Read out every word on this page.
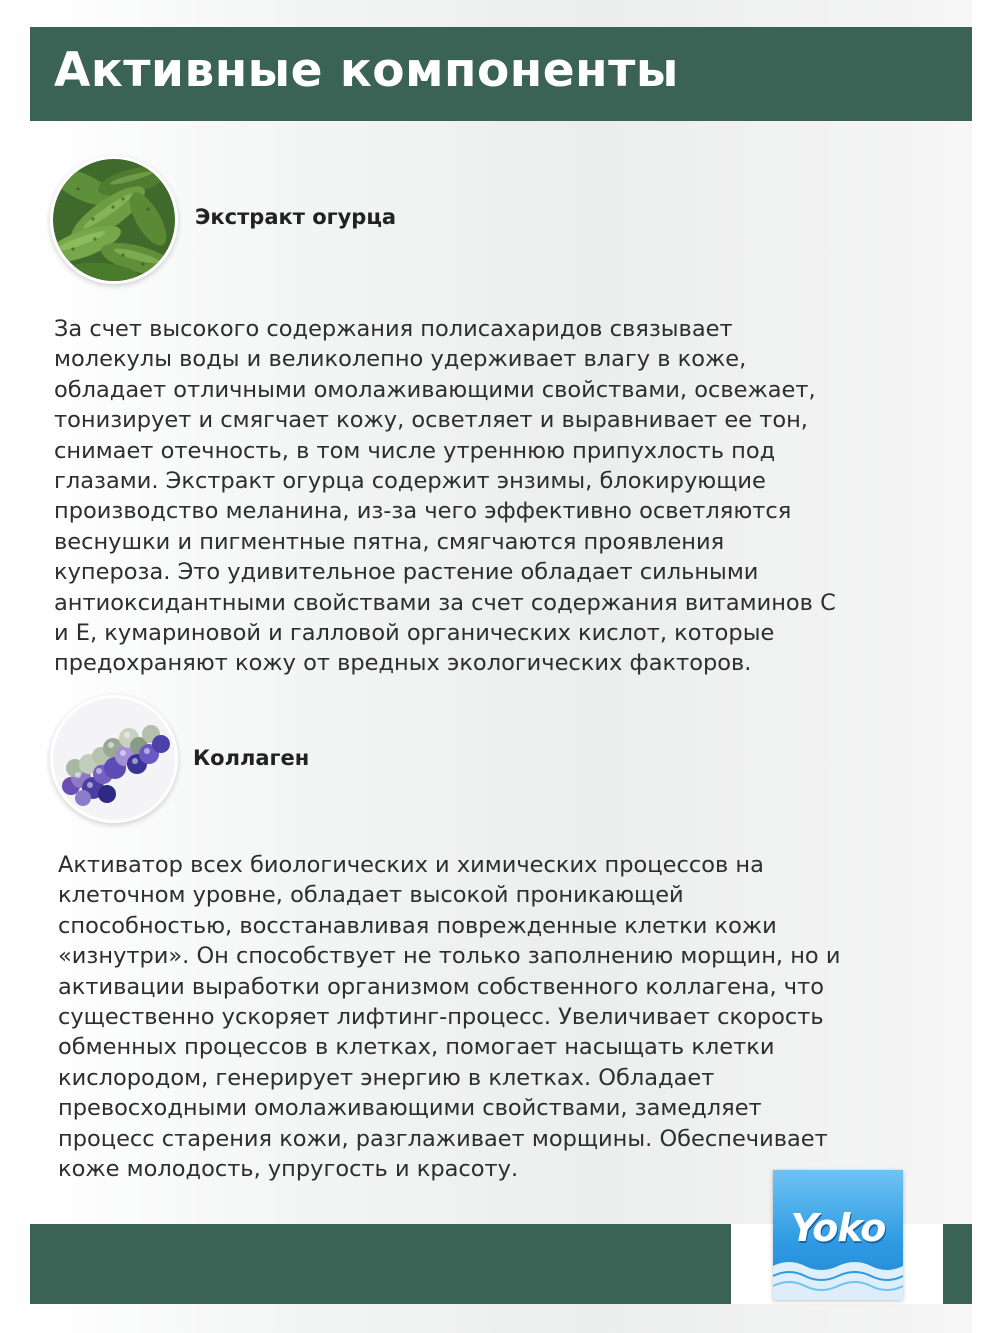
Активные компоненты
Экстракт огурца
За счет высокого содержания полисахаридов связывает
молекулы воды и великолепно удерживает влагу в коже,
обладает отличными омолаживающими свойствами, освежает,
тонизирует и смягчает кожу, осветляет и выравнивает ее тон,
снимает отечность, в том числе утреннюю припухлость под
глазами. Экстракт огурца содержит энзимы, блокирующие
производство меланина, из-за чего эффективно осветляются
веснушки и пигментные пятна, смягчаются проявления
купероза. Это удивительное растение обладает сильными
антиоксидантными свойствами за счет содержания витаминов С
и Е, кумариновой и галловой органических кислот, которые
предохраняют кожу от вредных экологических факторов.
Коллаген
Активатор всех биологических и химических процессов на
клеточном уровне, обладает высокой проникающей
способностью, восстанавливая поврежденные клетки кожи
«изнутри». Он способствует не только заполнению морщин, но и
активации выработки организмом собственного коллагена, что
существенно ускоряет лифтинг-процесс. Увеличивает скорость
обменных процессов в клетках, помогает насыщать клетки
кислородом, генерирует энергию в клетках. Обладает
превосходными омолаживающими свойствами, замедляет
процесс старения кожи, разглаживает морщины. Обеспечивает
коже молодость, упругость и красоту.
Yoko
